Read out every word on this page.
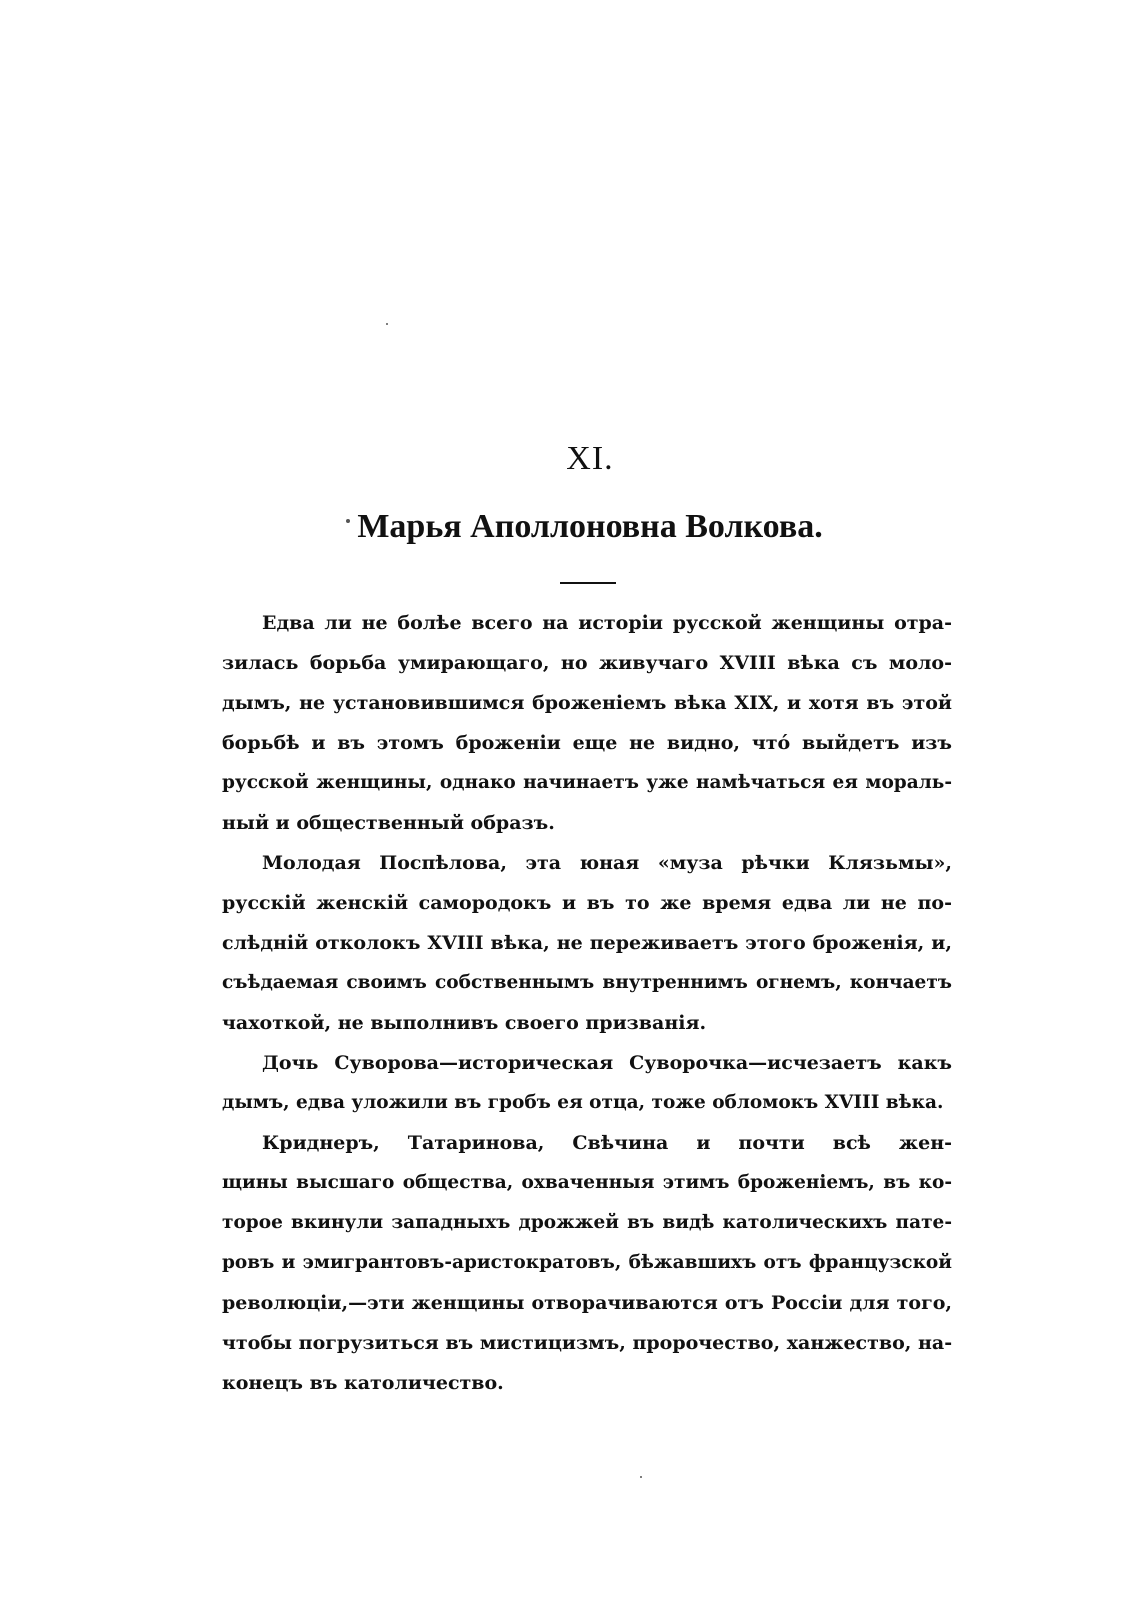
XI.
Марья Аполлоновна Волкова.
Едва ли не болѣе всего на исторіи русской женщины отра-
зилась борьба умирающаго, но живучаго XVIII вѣка съ моло-
дымъ, не установившимся броженіемъ вѣка XIX, и хотя въ этой
борьбѣ и въ этомъ броженіи еще не видно, что́ выйдетъ изъ
русской женщины, однако начинаетъ уже намѣчаться ея мораль-
ный и общественный образъ.
Молодая Поспѣлова, эта юная «муза рѣчки Клязьмы»,
русскій женскій самородокъ и въ то же время едва ли не по-
слѣдній отколокъ XVIII вѣка, не переживаетъ этого броженія, и,
съѣдаемая своимъ собственнымъ внутреннимъ огнемъ, кончаетъ
чахоткой, не выполнивъ своего призванія.
Дочь Суворова—историческая Суворочка—исчезаетъ какъ
дымъ, едва уложили въ гробъ ея отца, тоже обломокъ XVIII вѣка.
Криднеръ, Татаринова, Свѣчина и почти всѣ жен-
щины высшаго общества, охваченныя этимъ броженіемъ, въ ко-
торое вкинули западныхъ дрожжей въ видѣ католическихъ пате-
ровъ и эмигрантовъ-аристократовъ, бѣжавшихъ отъ французской
революціи,—эти женщины отворачиваются отъ Россіи для того,
чтобы погрузиться въ мистицизмъ, пророчество, ханжество, на-
конецъ въ католичество.
